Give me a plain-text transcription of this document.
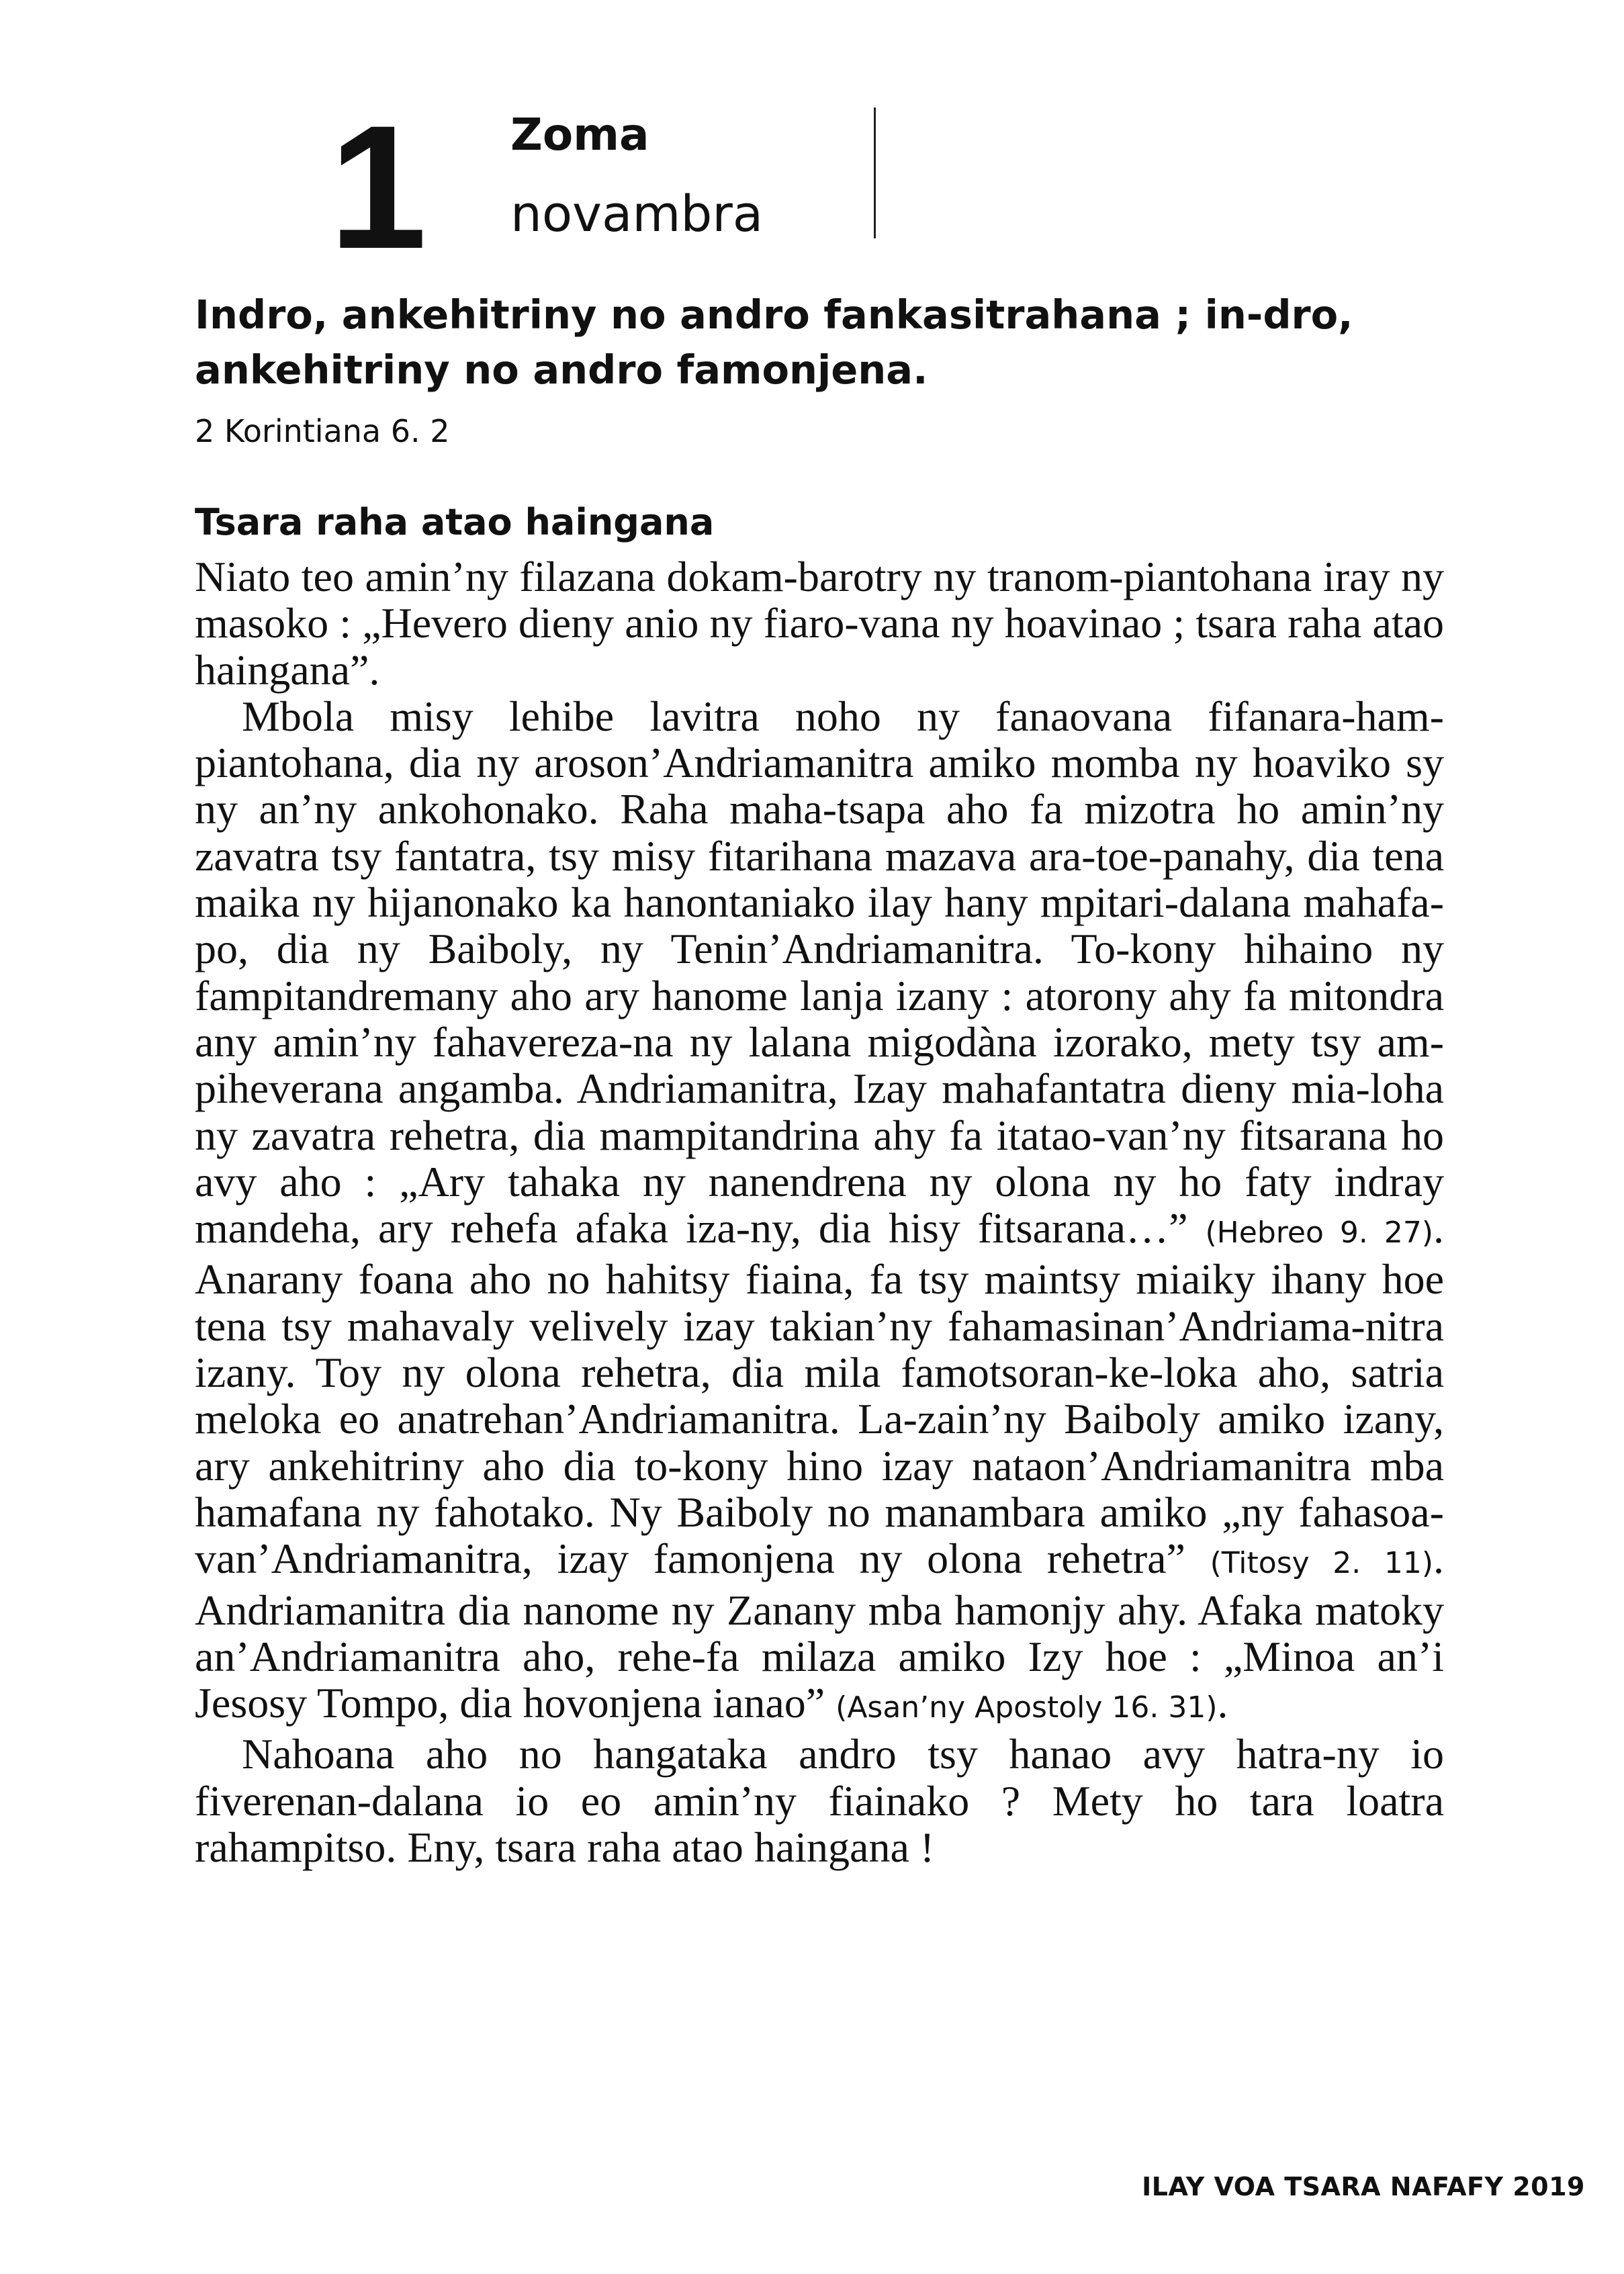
1 Zoma
novambra

Indro, ankehitriny no andro fankasitrahana ; in-dro, ankehitriny no andro famonjena.

2 Korintiana 6. 2
Tsara raha atao haingana

Niato teo amin’ny filazana dokam-barotry ny tranom-piantohana iray ny masoko : „Hevero dieny anio ny fiaro-vana ny hoavinao ; tsara raha atao haingana”.

Mbola misy lehibe lavitra noho ny fanaovana fifanara-ham-piantohana, dia ny aroson’Andriamanitra amiko momba ny hoaviko sy ny an’ny ankohonako. Raha maha-tsapa aho fa mizotra ho amin’ny zavatra tsy fantatra, tsy misy fitarihana mazava ara-toe-panahy, dia tena maika ny hijanonako ka hanontaniako ilay hany mpitari-dalana mahafa-po, dia ny Baiboly, ny Tenin’Andriamanitra. To-kony hihaino ny fampitandremany aho ary hanome lanja izany : atorony ahy fa mitondra any amin’ny fahavereza-na ny lalana migodàna izorako, mety tsy am-piheverana angamba. Andriamanitra, Izay mahafantatra dieny mia-loha ny zavatra rehetra, dia mampitandrina ahy fa itatao-van’ny fitsarana ho avy aho : „Ary tahaka ny nanendrena ny olona ny ho faty indray mandeha, ary rehefa afaka iza-ny, dia hisy fitsarana…” (Hebreo 9. 27). Anarany foana aho no hahitsy fiaina, fa tsy maintsy miaiky ihany hoe tena tsy mahavaly velively izay takian’ny fahamasinan’Andriama-nitra izany. Toy ny olona rehetra, dia mila famotsoran-ke-loka aho, satria meloka eo anatrehan’Andriamanitra. La-zain’ny Baiboly amiko izany, ary ankehitriny aho dia to-kony hino izay nataon’Andriamanitra mba hamafana ny fahotako. Ny Baiboly no manambara amiko „ny fahasoa-van’Andriamanitra, izay famonjena ny olona rehetra” (Titosy 2. 11). Andriamanitra dia nanome ny Zanany mba hamonjy ahy. Afaka matoky an’Andriamanitra aho, rehe-fa milaza amiko Izy hoe : „Minoa an’i Jesosy Tompo, dia hovonjena ianao” (Asan’ny Apostoly 16. 31).

Nahoana aho no hangataka andro tsy hanao avy hatra-ny io fiverenan-dalana io eo amin’ny fiainako ? Mety ho tara loatra rahampitso. Eny, tsara raha atao haingana !

ILAY VOA TSARA NAFAFY 2019
